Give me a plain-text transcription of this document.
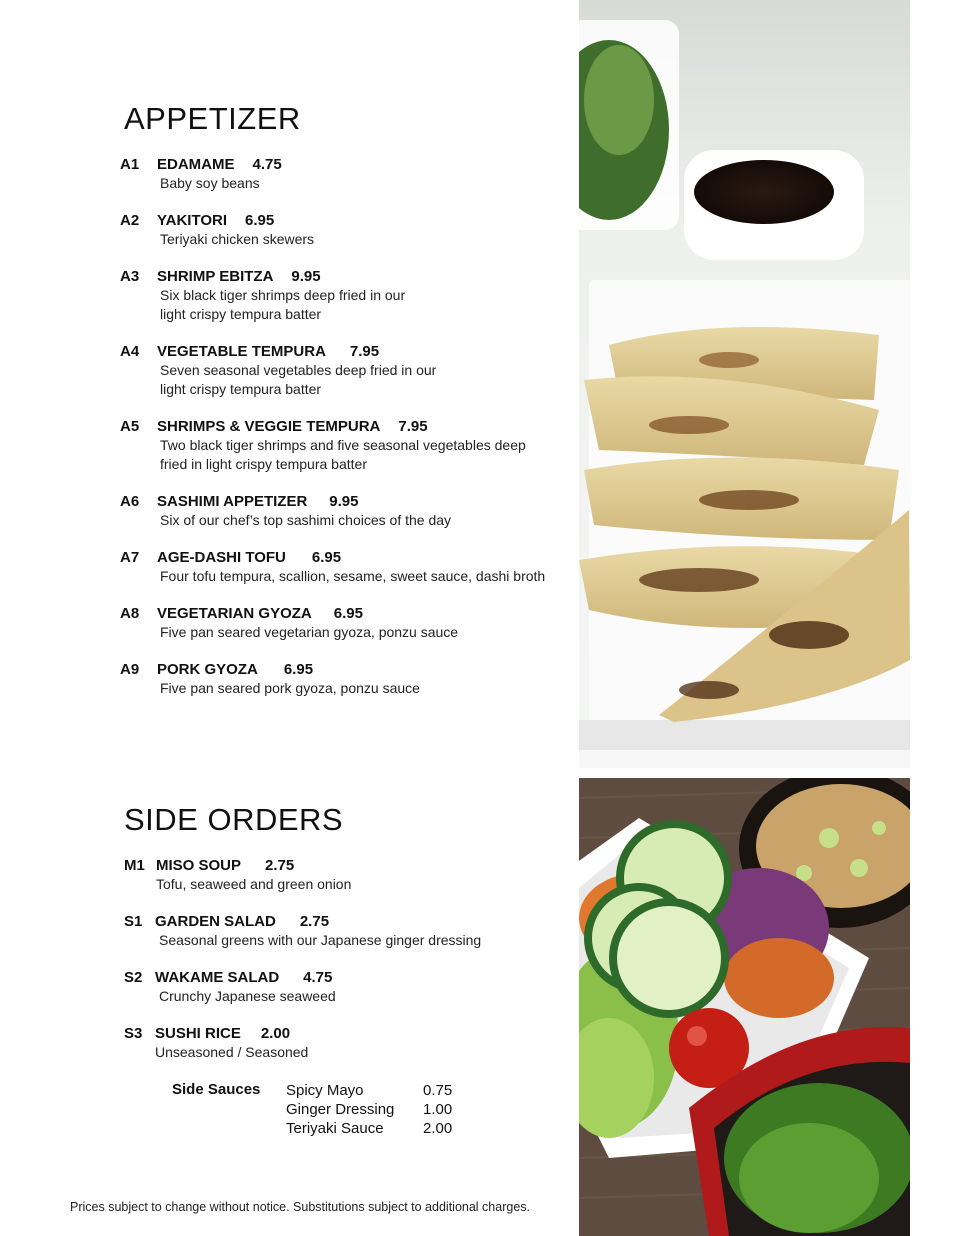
APPETIZER
A1 EDAMAME 4.75
Baby soy beans
A2 YAKITORI 6.95
Teriyaki chicken skewers
A3 SHRIMP EBITZA 9.95
Six black tiger shrimps deep fried in our
light crispy tempura batter
A4 VEGETABLE TEMPURA 7.95
Seven seasonal vegetables deep fried in our
light crispy tempura batter
A5 SHRIMPS & VEGGIE TEMPURA 7.95
Two black tiger shrimps and five seasonal vegetables deep
fried in light crispy tempura batter
A6 SASHIMI APPETIZER 9.95
Six of our chef’s top sashimi choices of the day
A7 AGE-DASHI TOFU 6.95
Four tofu tempura, scallion, sesame, sweet sauce, dashi broth
A8 VEGETARIAN GYOZA 6.95
Five pan seared vegetarian gyoza, ponzu sauce
A9 PORK GYOZA 6.95
Five pan seared pork gyoza, ponzu sauce
SIDE ORDERS
M1 MISO SOUP 2.75
Tofu, seaweed and green onion
S1 GARDEN SALAD 2.75
Seasonal greens with our Japanese ginger dressing
S2 WAKAME SALAD 4.75
Crunchy Japanese seaweed
S3 SUSHI RICE 2.00
Unseasoned / Seasoned
Side Sauces Spicy Mayo	0.75
Ginger Dressing 1.00
Teriyaki Sauce	2.00
Prices subject to change without notice. Substitutions subject to additional charges.
